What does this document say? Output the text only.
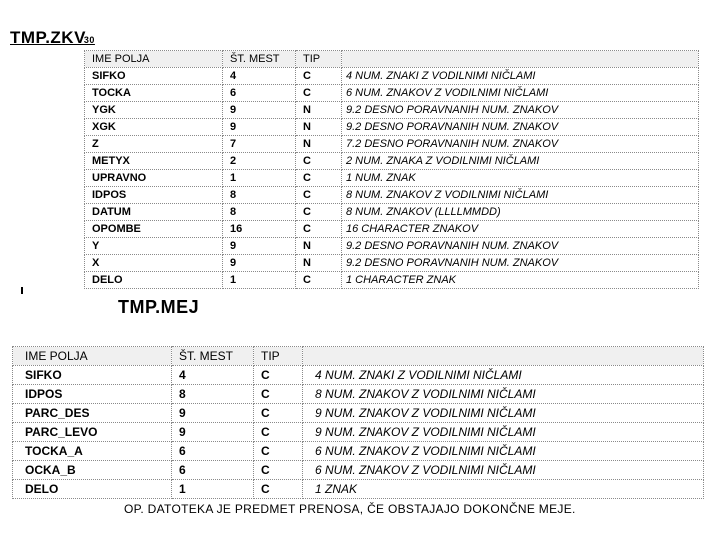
TMP.ZKV30
IME POLJA	ŠT. MEST	TIP	
SIFKO	4	C	4 NUM. ZNAKI Z VODILNIMI NIČLAMI
TOCKA	6	C	6 NUM. ZNAKOV Z VODILNIMI NIČLAMI
YGK	9	N	9.2 DESNO PORAVNANIH NUM. ZNAKOV
XGK	9	N	9.2 DESNO PORAVNANIH NUM. ZNAKOV
Z	7	N	7.2 DESNO PORAVNANIH NUM. ZNAKOV
METYX	2	C	2 NUM. ZNAKA Z VODILNIMI NIČLAMI
UPRAVNO	1	C	1 NUM. ZNAK
IDPOS	8	C	8 NUM. ZNAKOV Z VODILNIMI NIČLAMI
DATUM	8	C	8 NUM. ZNAKOV (LLLLMMDD)
OPOMBE	16	C	16 CHARACTER ZNAKOV
Y	9	N	9.2 DESNO PORAVNANIH NUM. ZNAKOV
X	9	N	9.2 DESNO PORAVNANIH NUM. ZNAKOV
DELO	1	C	1 CHARACTER ZNAK
TMP.MEJ
IME POLJA	ŠT. MEST	TIP	
SIFKO	4	C	4 NUM. ZNAKI Z VODILNIMI NIČLAMI
IDPOS	8	C	8 NUM. ZNAKOV Z VODILNIMI NIČLAMI
PARC_DES	9	C	9 NUM. ZNAKOV Z VODILNIMI NIČLAMI
PARC_LEVO	9	C	9 NUM. ZNAKOV Z VODILNIMI NIČLAMI
TOCKA_A	6	C	6 NUM. ZNAKOV Z VODILNIMI NIČLAMI
OCKA_B	6	C	6 NUM. ZNAKOV Z VODILNIMI NIČLAMI
DELO	1	C	1 ZNAK
OP. DATOTEKA JE PREDMET PRENOSA, ČE OBSTAJAJO DOKONČNE MEJE.
